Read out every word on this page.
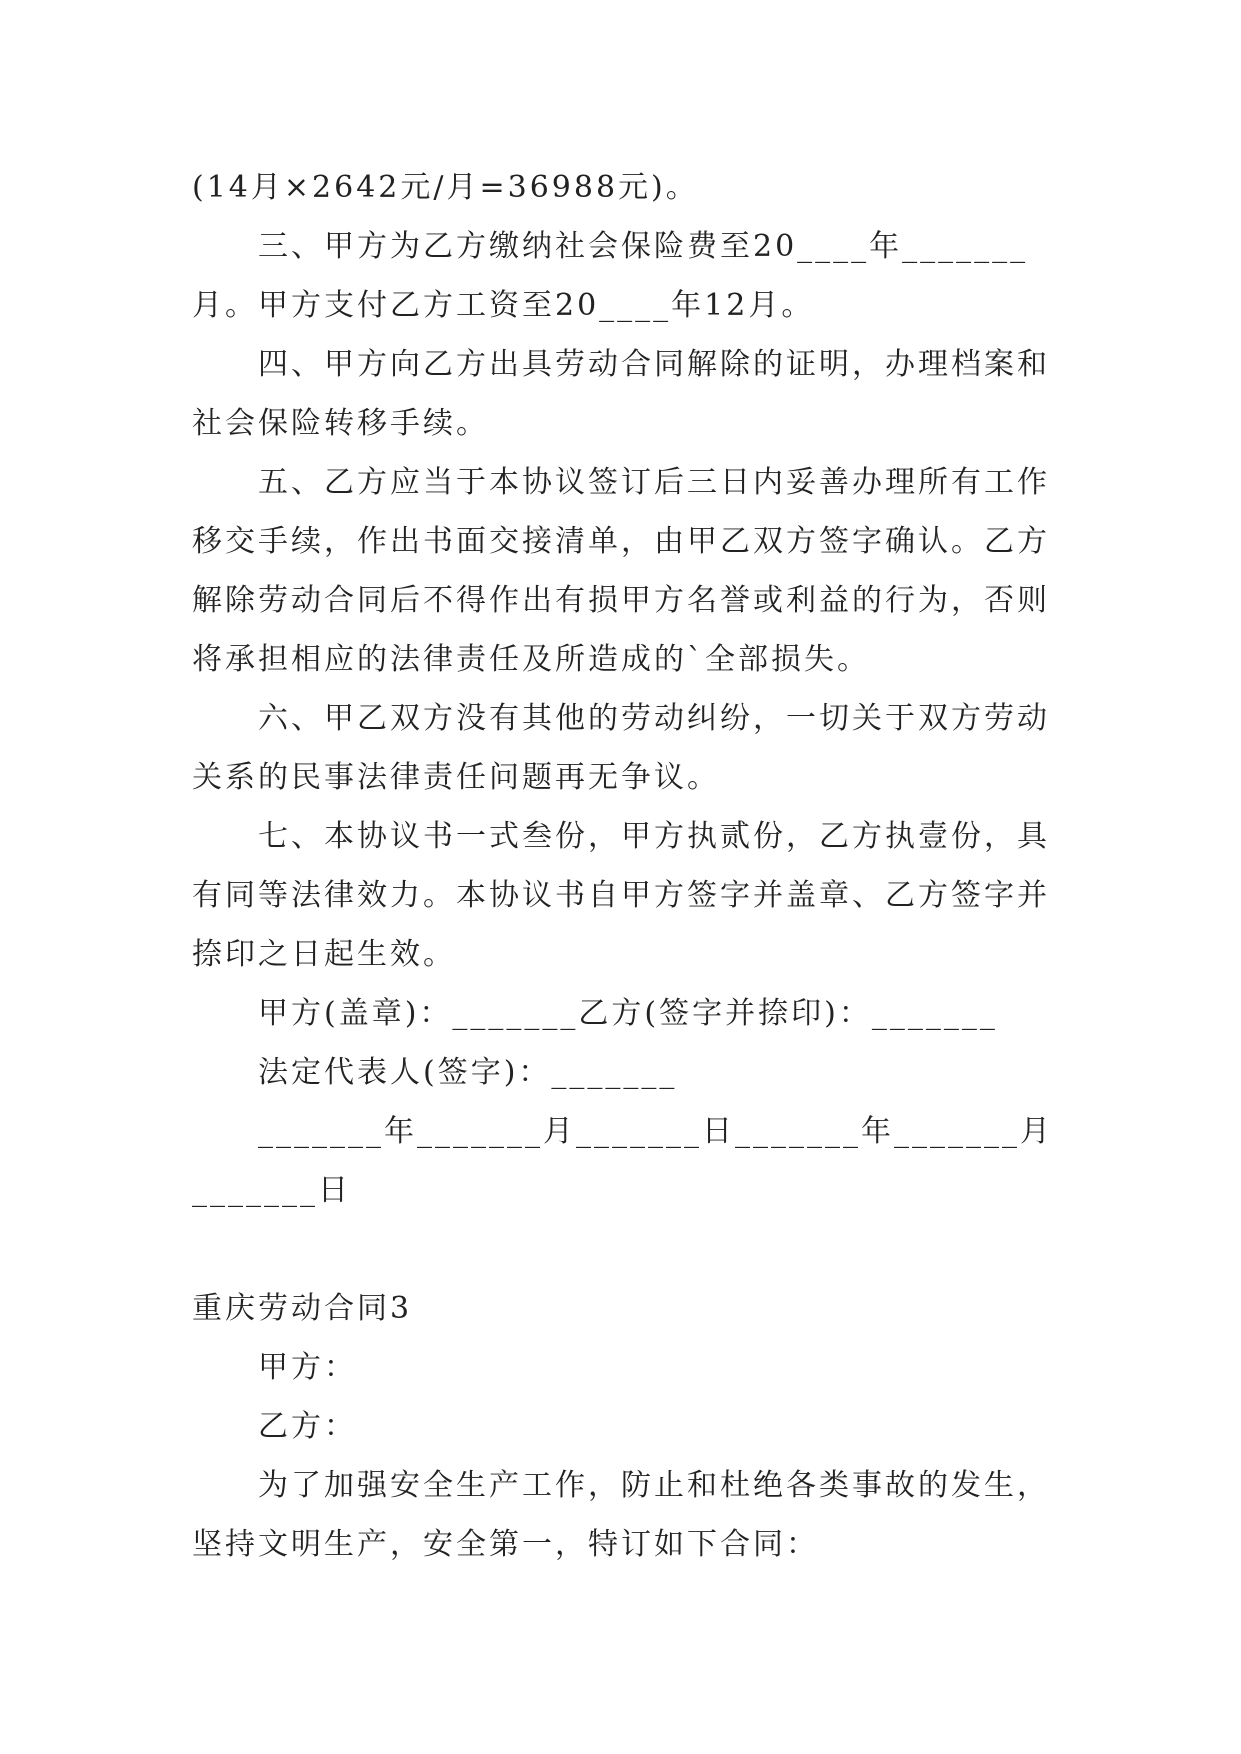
(14月×2642元/月=36988元)。

三、甲方为乙方缴纳社会保险费至20____年_______月。甲方支付乙方工资至20____年12月。

四、甲方向乙方出具劳动合同解除的证明，办理档案和社会保险转移手续。

五、乙方应当于本协议签订后三日内妥善办理所有工作移交手续，作出书面交接清单，由甲乙双方签字确认。乙方解除劳动合同后不得作出有损甲方名誉或利益的行为，否则将承担相应的法律责任及所造成的`全部损失。

六、甲乙双方没有其他的劳动纠纷，一切关于双方劳动关系的民事法律责任问题再无争议。

七、本协议书一式叁份，甲方执贰份，乙方执壹份，具有同等法律效力。本协议书自甲方签字并盖章、乙方签字并捺印之日起生效。

甲方(盖章)：_______乙方(签字并捺印)：_______

法定代表人(签字)：_______

_______年_______月_______日_______年_______月_______日

重庆劳动合同3

甲方：

乙方：

为了加强安全生产工作，防止和杜绝各类事故的发生，坚持文明生产，安全第一，特订如下合同：
